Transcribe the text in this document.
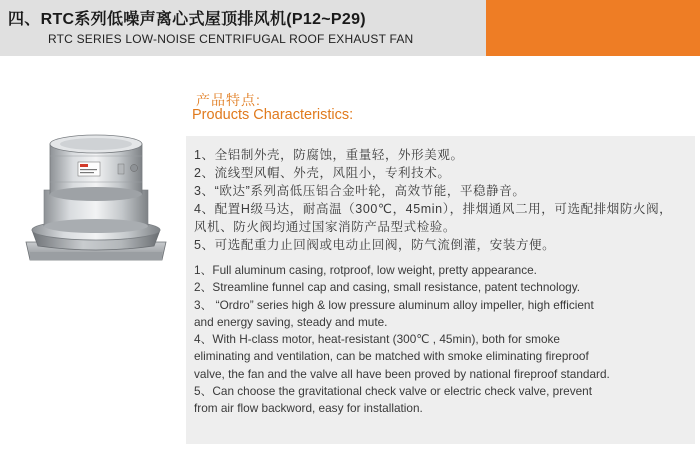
四、RTC系列低噪声离心式屋顶排风机(P12~P29)
RTC SERIES LOW-NOISE CENTRIFUGAL ROOF EXHAUST FAN
产品特点:
Products Characteristics:
1、全铝制外壳，防腐蚀，重量轻，外形美观。
2、流线型风帽、外壳，风阻小，专利技术。
3、“欧达”系列高低压铝合金叶轮，高效节能，平稳静音。
4、配置H级马达，耐高温（300℃，45min），排烟通风二用，可选配排烟防火阀，
风机、防火阀均通过国家消防产品型式检验。
5、可选配重力止回阀或电动止回阀，防气流倒灌，安装方便。
1、Full aluminum casing, rotproof, low weight, pretty appearance.
2、Streamline funnel cap and casing, small resistance, patent technology.
3、 “Ordro” series high & low pressure aluminum alloy impeller, high efficient
and energy saving, steady and mute.
4、With H-class motor, heat-resistant (300℃ , 45min), both for smoke
eliminating and ventilation, can be matched with smoke eliminating fireproof
valve, the fan and the valve all have been proved by national fireproof standard.
5、Can choose the gravitational check valve or electric check valve, prevent
from air flow backword, easy for installation.
